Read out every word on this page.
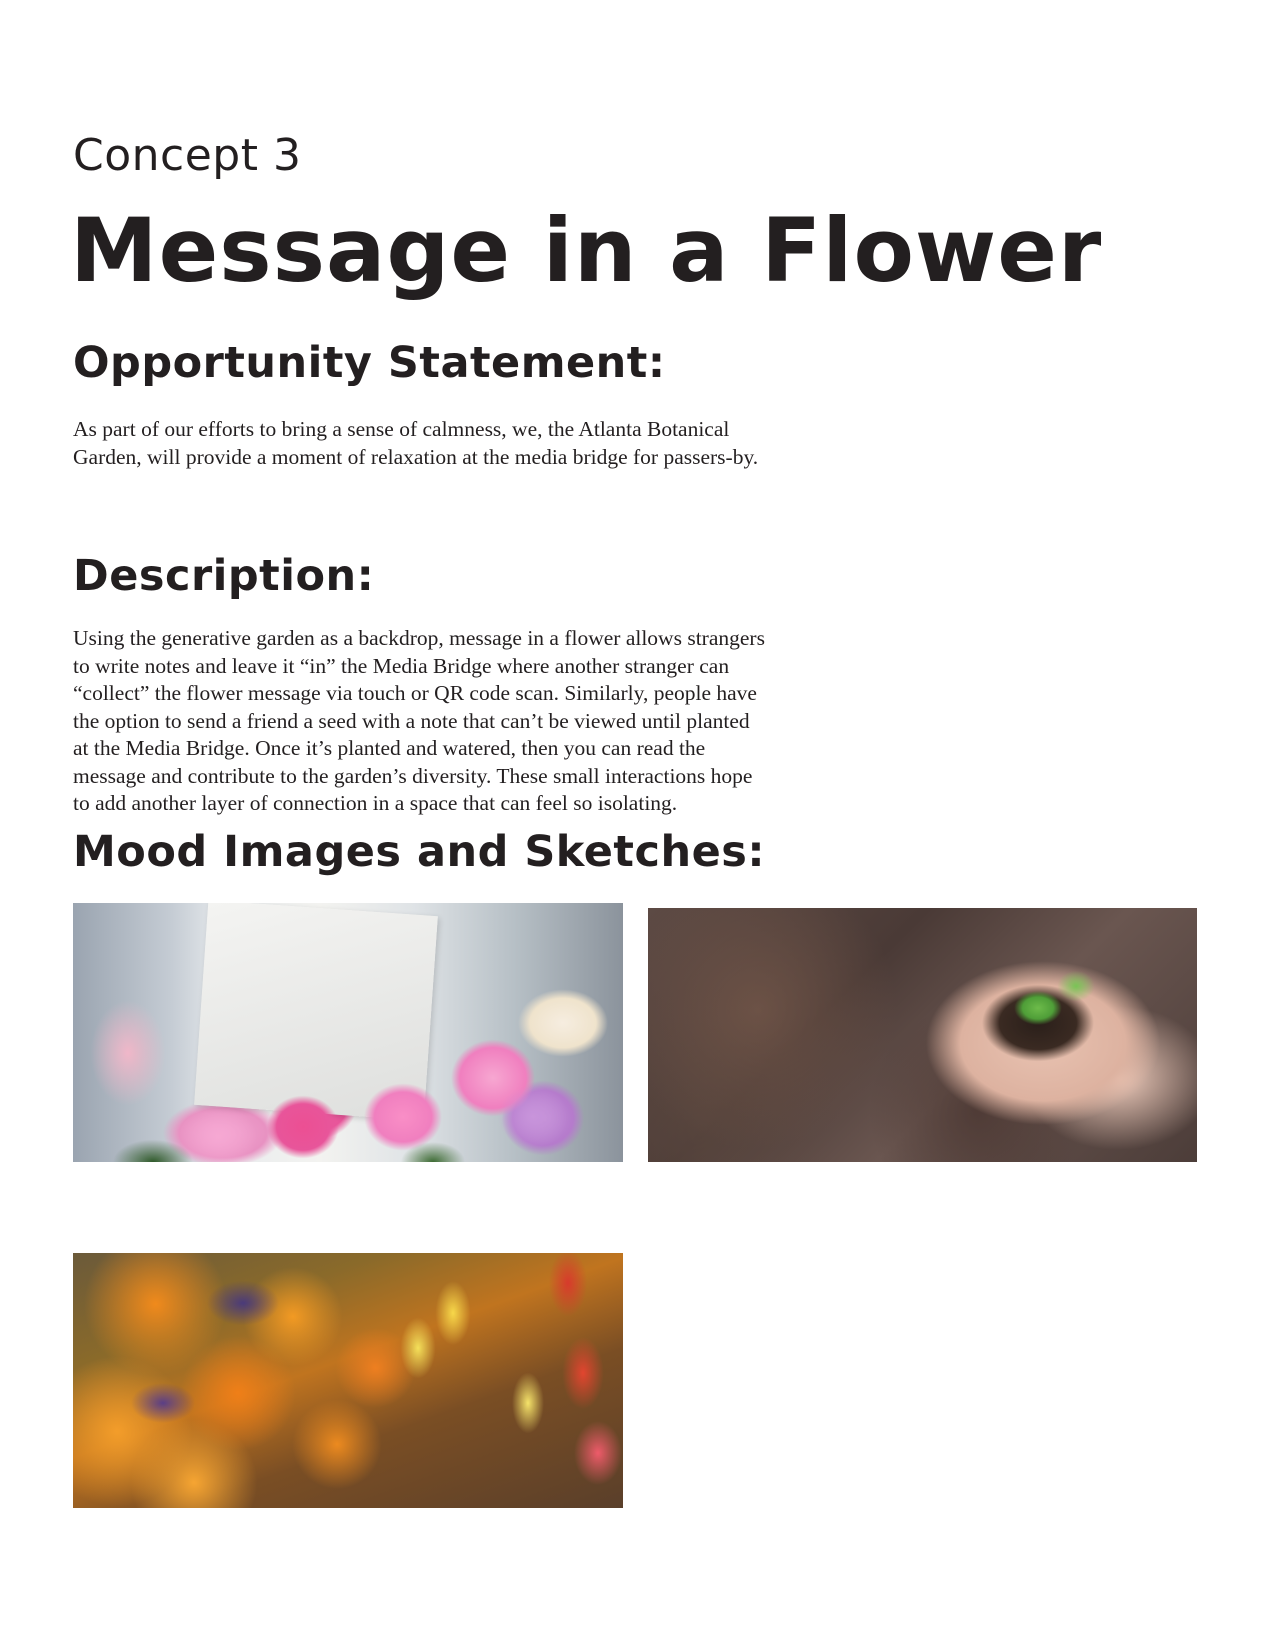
Concept 3
Message in a Flower
Opportunity Statement:

As part of our efforts to bring a sense of calmness, we, the Atlanta Botanical
Garden, will provide a moment of relaxation at the media bridge for passers-by.

Description:

Using the generative garden as a backdrop, message in a flower allows strangers
to write notes and leave it “in” the Media Bridge where another stranger can
“collect” the flower message via touch or QR code scan. Similarly, people have
the option to send a friend a seed with a note that can’t be viewed until planted
at the Media Bridge. Once it’s planted and watered, then you can read the
message and contribute to the garden’s diversity. These small interactions hope
to add another layer of connection in a space that can feel so isolating.

Mood Images and Sketches:
